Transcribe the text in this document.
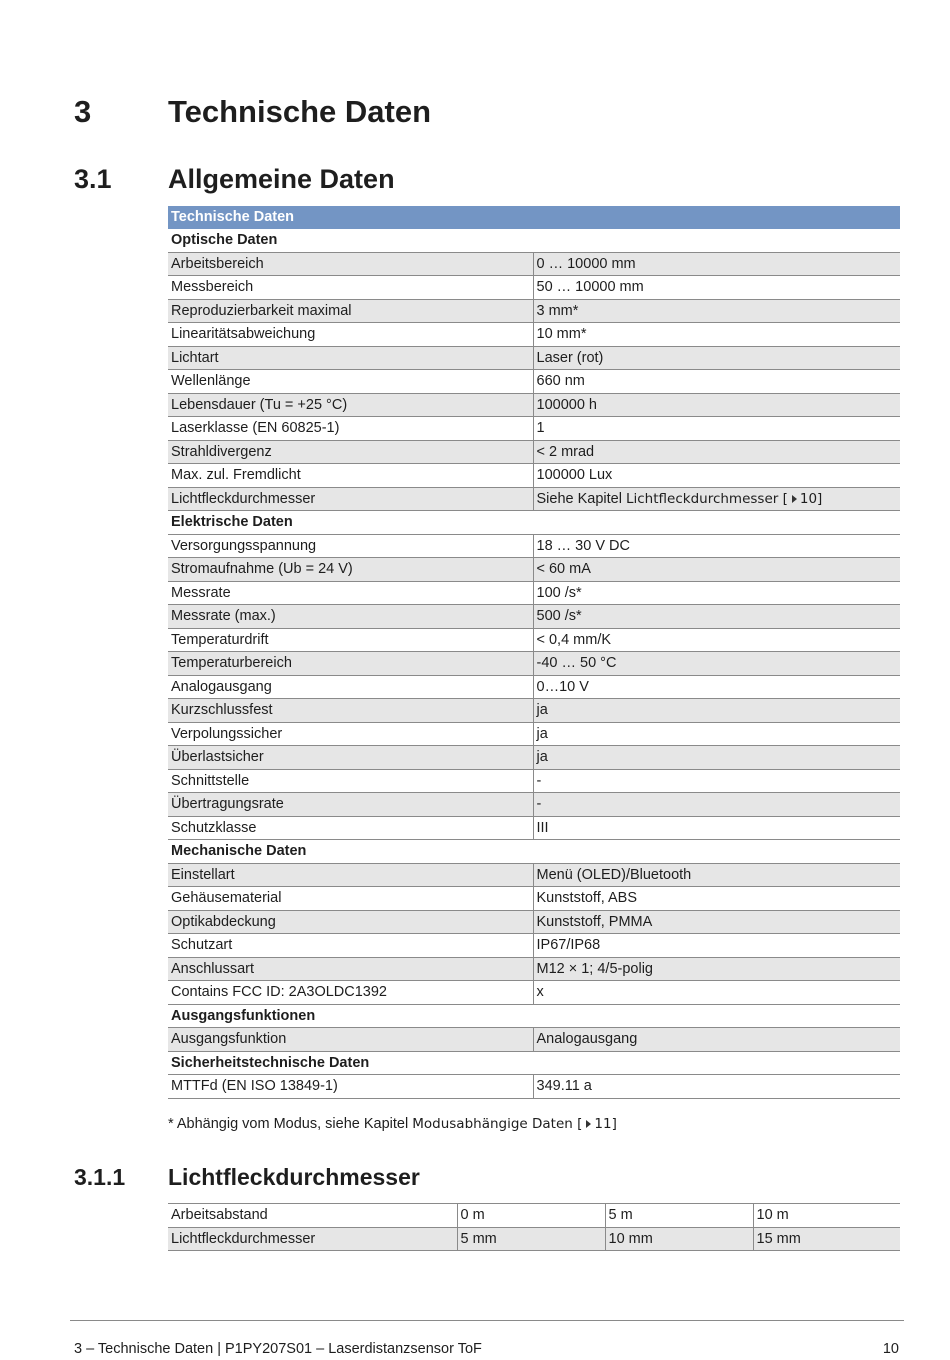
3 Technische Daten
3.1 Allgemeine Daten
Technische Daten	
Optische Daten	
Arbeitsbereich	0 … 10000 mm
Messbereich	50 … 10000 mm
Reproduzierbarkeit maximal	3 mm*
Linearitätsabweichung	10 mm*
Lichtart	Laser (rot)
Wellenlänge	660 nm
Lebensdauer (Tu = +25 °C)	100000 h
Laserklasse (EN 60825-1)	1
Strahldivergenz	< 2 mrad
Max. zul. Fremdlicht	100000 Lux
Lichtfleckdurchmesser	Siehe Kapitel Lichtfleckdurchmesser [ 10]
Elektrische Daten	
Versorgungsspannung	18 … 30 V DC
Stromaufnahme (Ub = 24 V)	< 60 mA
Messrate	100 /s*
Messrate (max.)	500 /s*
Temperaturdrift	< 0,4 mm/K
Temperaturbereich	-40 … 50 °C
Analogausgang	0…10 V
Kurzschlussfest	ja
Verpolungssicher	ja
Überlastsicher	ja
Schnittstelle	-
Übertragungsrate	-
Schutzklasse	III
Mechanische Daten	
Einstellart	Menü (OLED)/Bluetooth
Gehäusematerial	Kunststoff, ABS
Optikabdeckung	Kunststoff, PMMA
Schutzart	IP67/IP68
Anschlussart	M12 × 1; 4/5-polig
Contains FCC ID: 2A3OLDC1392	x
Ausgangsfunktionen	
Ausgangsfunktion	Analogausgang
Sicherheitstechnische Daten	
MTTFd (EN ISO 13849-1)	349.11 a
* Abhängig vom Modus, siehe Kapitel Modusabhängige Daten [ 11]
3.1.1 Lichtfleckdurchmesser
Arbeitsabstand	0 m	5 m	10 m
Lichtfleckdurchmesser	5 mm	10 mm	15 mm
3 – Technische Daten | P1PY207S01 – Laserdistanzsensor ToF	10
